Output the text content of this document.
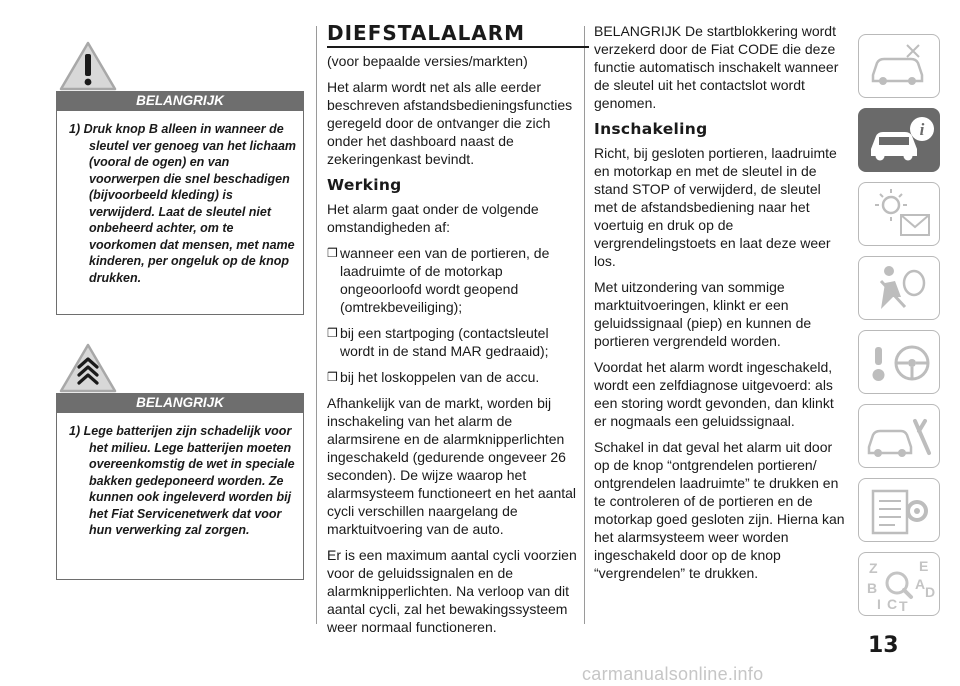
BELANGRIJK

1) Druk knop B alleen in wanneer de sleutel ver genoeg van het lichaam (vooral de ogen) en van voorwerpen die snel beschadigen (bijvoorbeeld kleding) is verwijderd. Laat de sleutel niet onbeheerd achter, om te voorkomen dat mensen, met name kinderen, per ongeluk op de knop drukken.

BELANGRIJK

1) Lege batterijen zijn schadelijk voor het milieu. Lege batterijen moeten overeenkomstig de wet in speciale bakken gedeponeerd worden. Ze kunnen ook ingeleverd worden bij het Fiat Servicenetwerk dat voor hun verwerking zal zorgen.

DIEFSTALALARM

(voor bepaalde versies/markten)

Het alarm wordt net als alle eerder beschreven afstandsbedieningsfuncties geregeld door de ontvanger die zich onder het dashboard naast de zekeringenkast bevindt.

Werking

Het alarm gaat onder de volgende omstandigheden af:

❒ wanneer een van de portieren, de laadruimte of de motorkap ongeoorloofd wordt geopend (omtrekbeveiliging);
❒ bij een startpoging (contactsleutel wordt in de stand MAR gedraaid);
❒ bij het loskoppelen van de accu.

Afhankelijk van de markt, worden bij inschakeling van het alarm de alarmsirene en de alarmknipperlichten ingeschakeld (gedurende ongeveer 26 seconden). De wijze waarop het alarmsysteem functioneert en het aantal cycli verschillen naargelang de marktuitvoering van de auto.

Er is een maximum aantal cycli voorzien voor de geluidssignalen en de alarmknipperlichten. Na verloop van dit aantal cycli, zal het bewakingssysteem weer normaal functioneren.

BELANGRIJK De startblokkering wordt verzekerd door de Fiat CODE die deze functie automatisch inschakelt wanneer de sleutel uit het contactslot wordt genomen.

Inschakeling

Richt, bij gesloten portieren, laadruimte en motorkap en met de sleutel in de stand STOP of verwijderd, de sleutel met de afstandsbediening naar het voertuig en druk op de vergrendelingstoets en laat deze weer los.

Met uitzondering van sommige marktuitvoeringen, klinkt er een geluidssignaal (piep) en kunnen de portieren vergrendeld worden.

Voordat het alarm wordt ingeschakeld, wordt een zelfdiagnose uitgevoerd: als een storing wordt gevonden, dan klinkt er nogmaals een geluidssignaal.

Schakel in dat geval het alarm uit door op de knop “ontgrendelen portieren/ ontgrendelen laadruimte” te drukken en te controleren of de portieren en de motorkap goed gesloten zijn. Hierna kan het alarmsysteem weer worden ingeschakeld door op de knop “vergrendelen” te drukken.

i
Z	E
B	D
I C T
A
13
carmanualsonline.info
